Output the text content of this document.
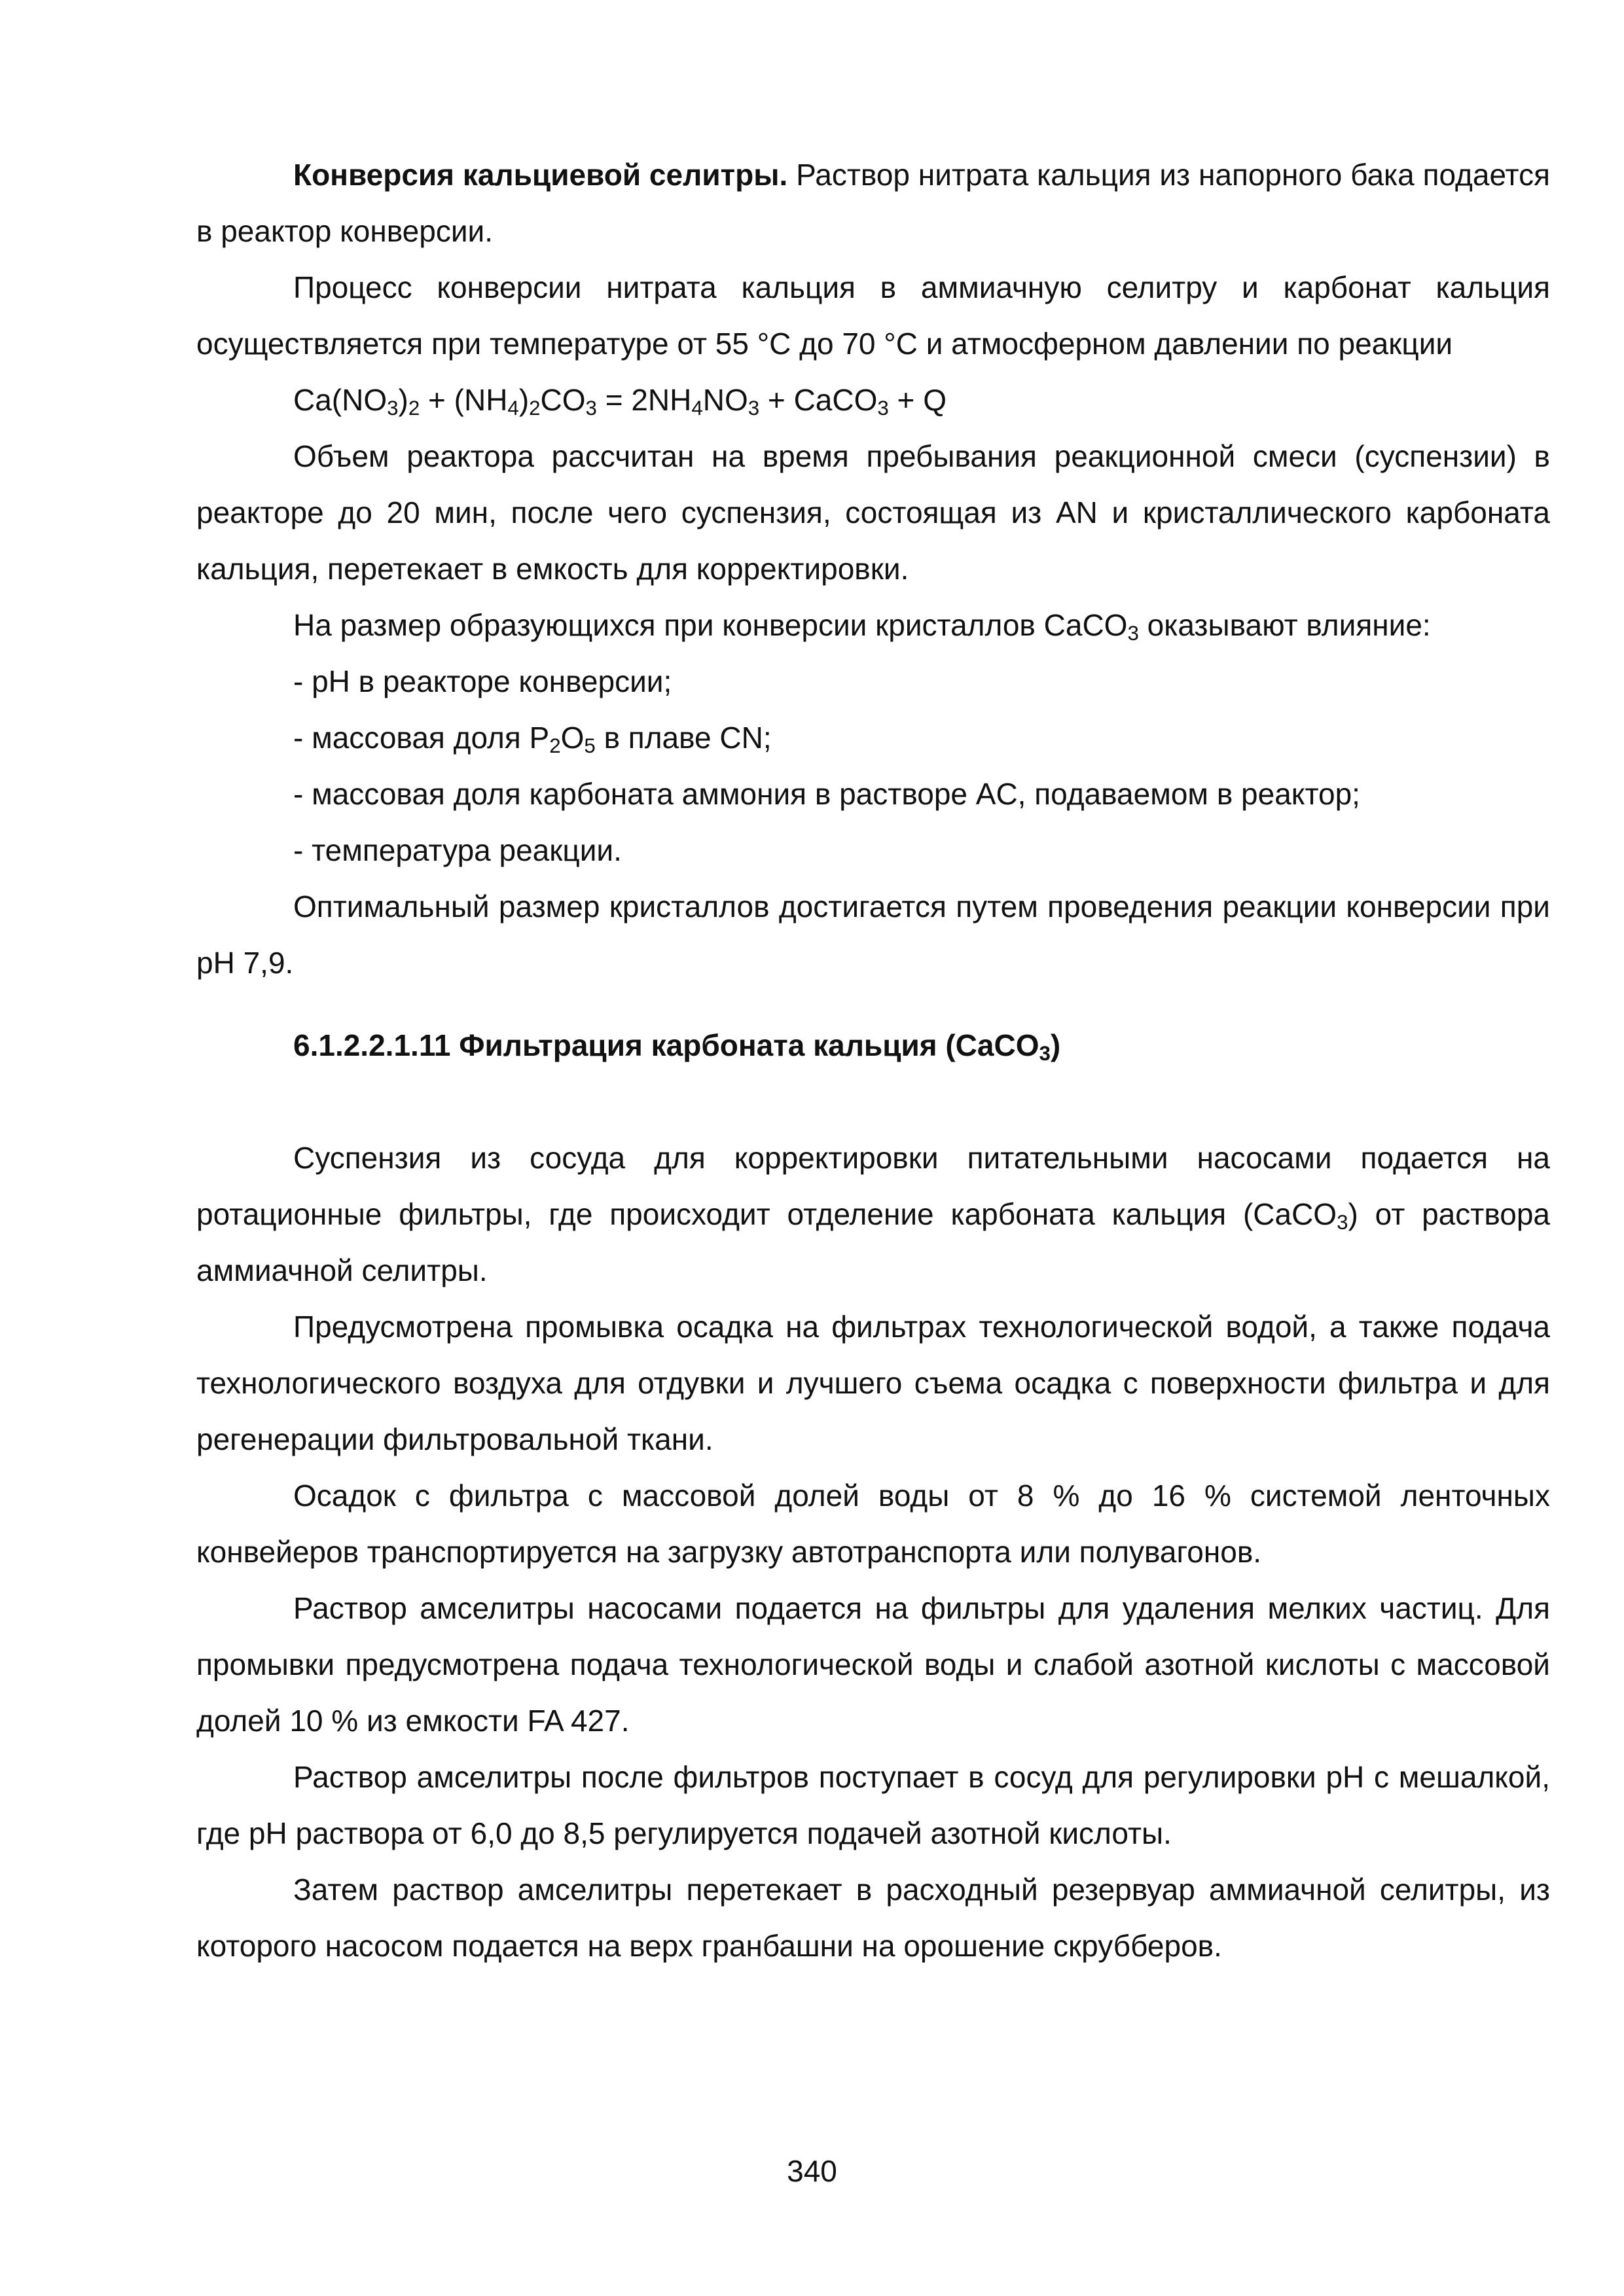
Конверсия кальциевой селитры. Раствор нитрата кальция из напорного бака подается в реактор конверсии.

Процесс конверсии нитрата кальция в аммиачную селитру и карбонат кальция осуществляется при температуре от 55 °C до 70 °C и атмосферном давлении по реакции

$Ca(NO_3)_2 + (NH_4)_2CO_3 = 2NH_4NO_3$ + CaCO$_3$ + Q

Объем реактора рассчитан на время пребывания реакционной смеси (суспензии) в реакторе до 20 мин, после чего суспензия, состоящая из AN и кристаллического карбоната кальция, перетекает в емкость для корректировки.

На размер образующихся при конверсии кристаллов CaCO$_3$ оказывают влияние:

- pH в реакторе конверсии;

- массовая доля $P_2O_5$ в плаве CN;

- массовая доля карбоната аммония в растворе AC, подаваемом в реактор;

- температура реакции.

Оптимальный размер кристаллов достигается путем проведения реакции конверсии при pH 7,9.

6.1.2.2.1.11 Фильтрация карбоната кальция (CaCO$_3$)

Суспензия из сосуда для корректировки питательными насосами подается на ротационные фильтры, где происходит отделение карбоната кальция (CaCO$_3$) от раствора аммиачной селитры.

Предусмотрена промывка осадка на фильтрах технологической водой, а также подача технологического воздуха для отдувки и лучшего съема осадка с поверхности фильтра и для регенерации фильтровальной ткани.

Осадок с фильтра с массовой долей воды от 8 % до 16 % системой ленточных конвейеров транспортируется на загрузку автотранспорта или полувагонов.

Раствор амселитры насосами подается на фильтры для удаления мелких частиц. Для промывки предусмотрена подача технологической воды и слабой азотной кислоты с массовой долей 10 % из емкости FA 427.

Раствор амселитры после фильтров поступает в сосуд для регулировки pH с мешалкой, где pH раствора от 6,0 до 8,5 регулируется подачей азотной кислоты.

Затем раствор амселитры перетекает в расходный резервуар аммиачной селитры, из которого насосом подается на верх гранбашни на орошение скрубберов.

340
